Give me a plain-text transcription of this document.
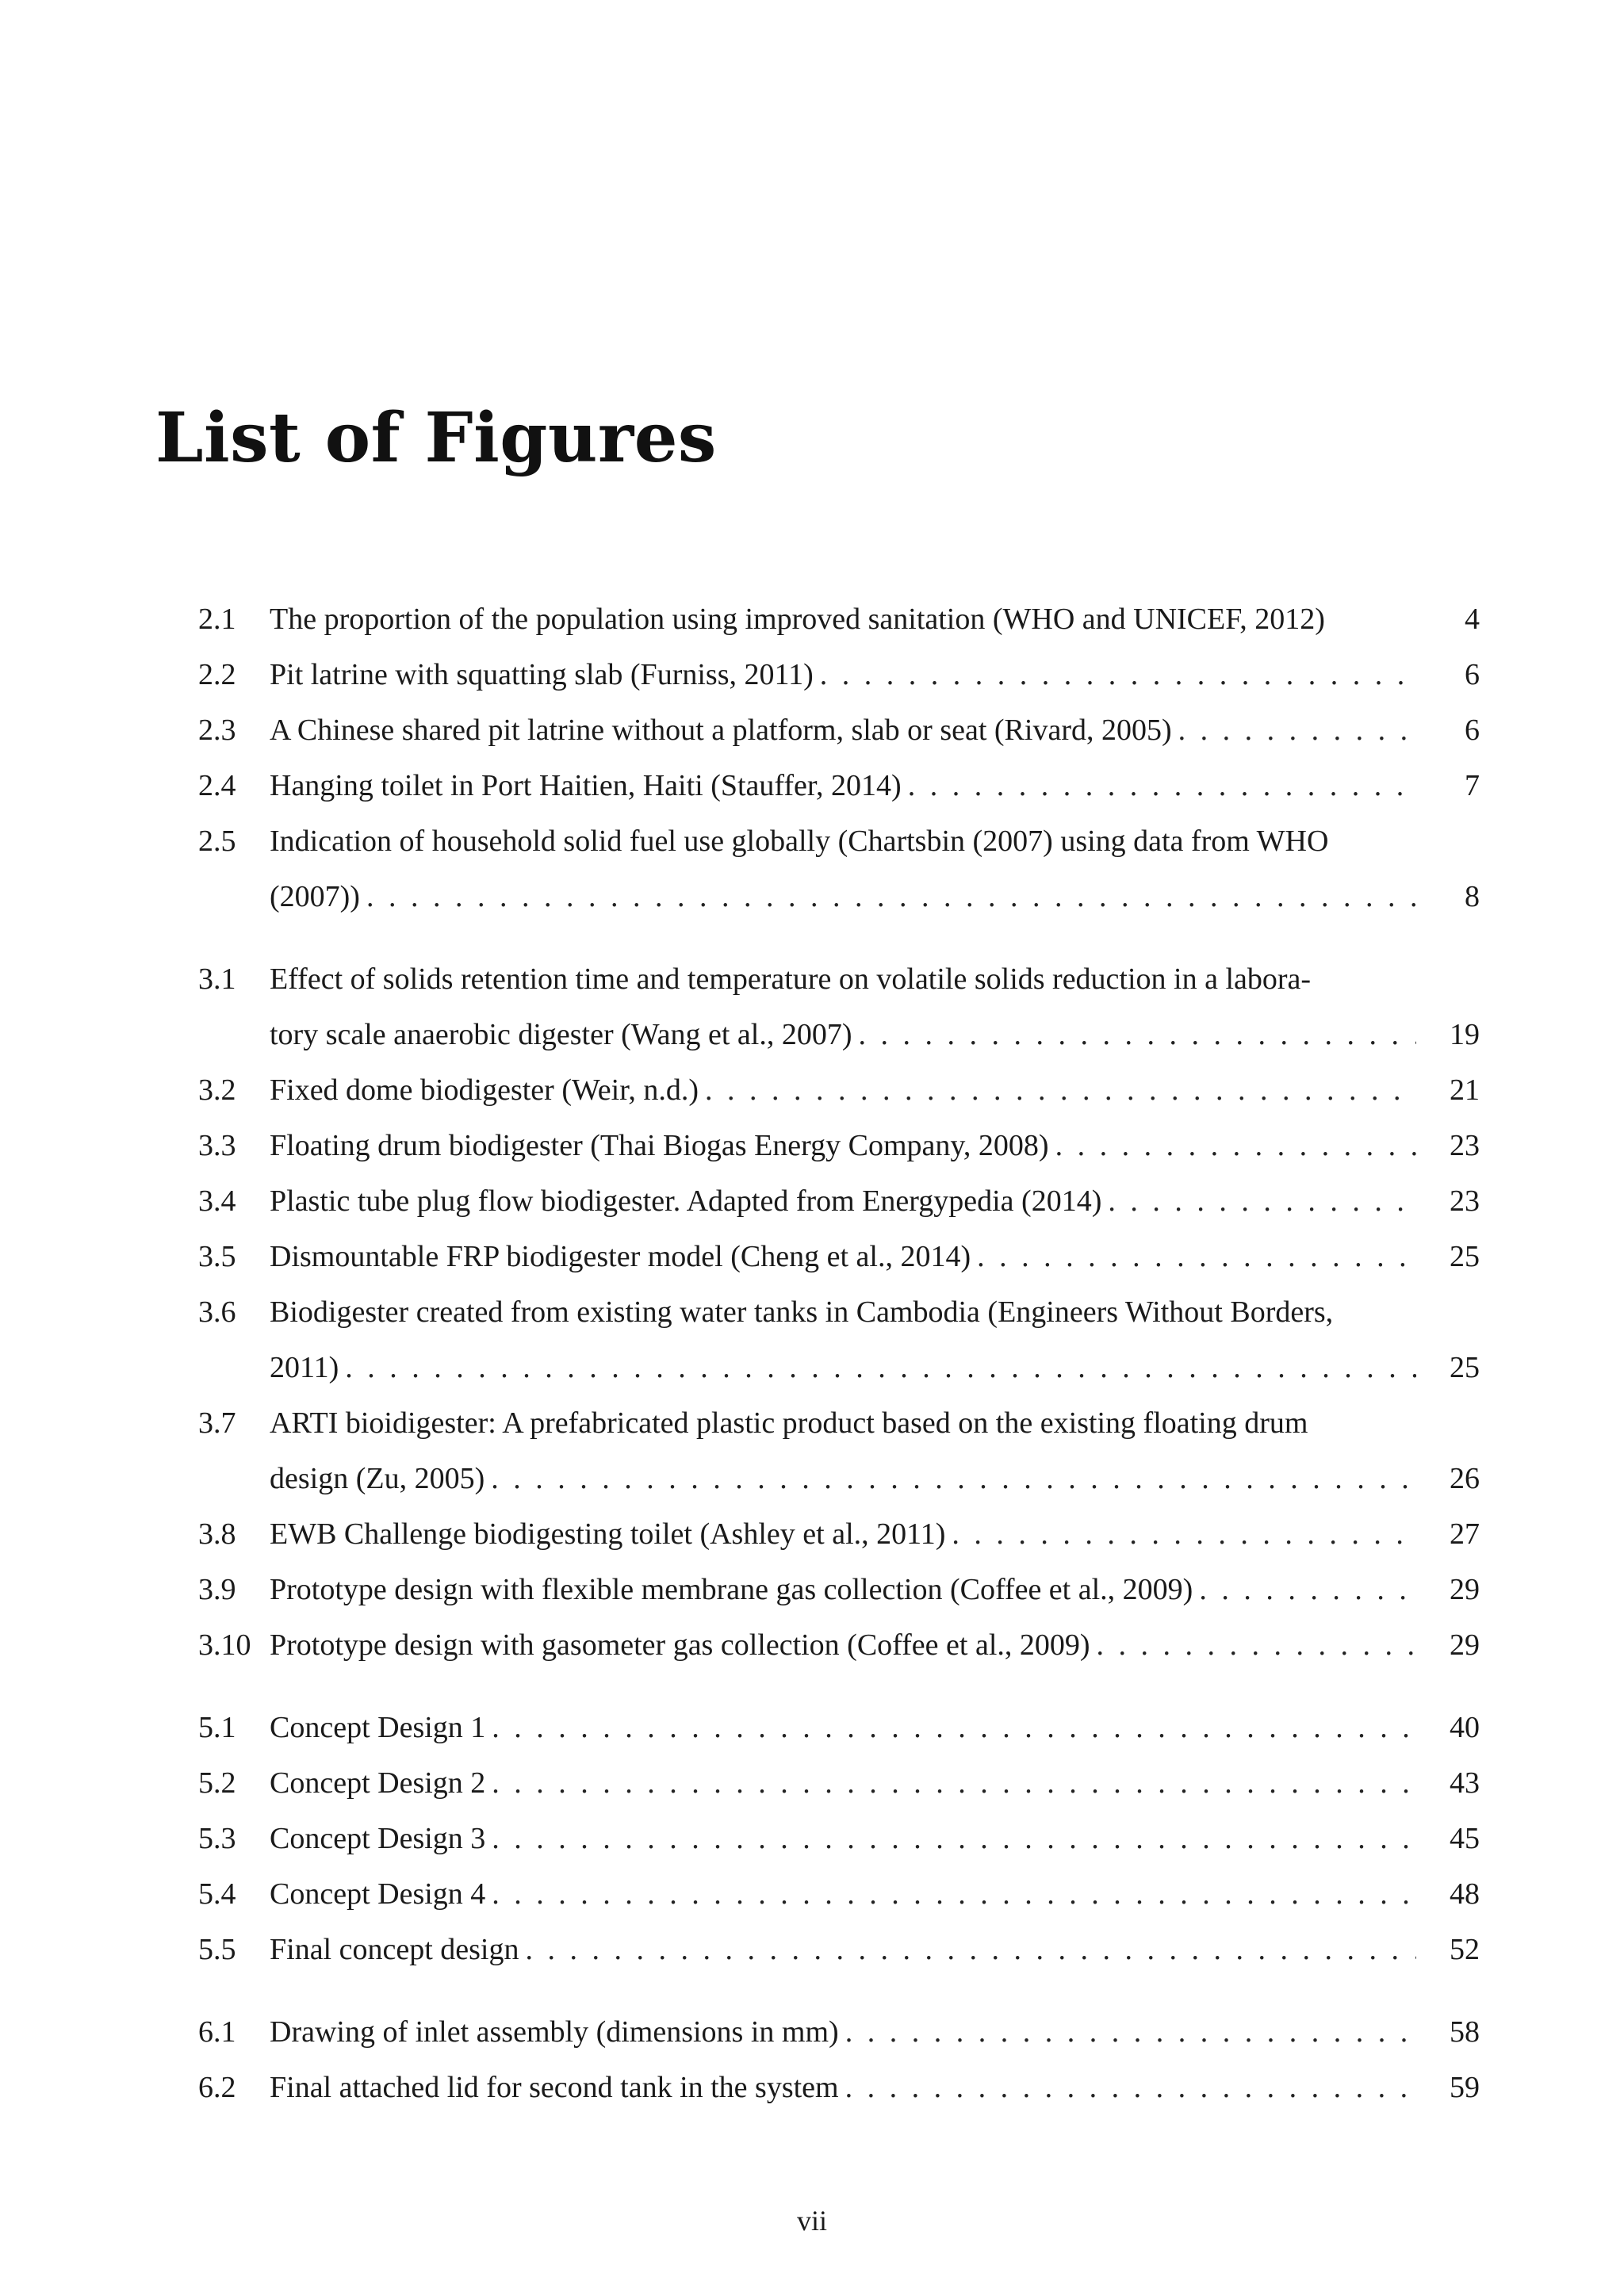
List of Figures
2.1	The proportion of the population using improved sanitation (WHO and UNICEF, 2012)	4
2.2	Pit latrine with squatting slab (Furniss, 2011) . . .	6
2.3	A Chinese shared pit latrine without a platform, slab or seat (Rivard, 2005) . . .	6
2.4	Hanging toilet in Port Haitien, Haiti (Stauffer, 2014) . . .	7
2.5	Indication of household solid fuel use globally (Chartsbin (2007) using data from WHO
(2007)) . . .	8
3.1	Effect of solids retention time and temperature on volatile solids reduction in a labora-
tory scale anaerobic digester (Wang et al., 2007) . . .	19
3.2	Fixed dome biodigester (Weir, n.d.) . . .	21
3.3	Floating drum biodigester (Thai Biogas Energy Company, 2008) . . .	23
3.4	Plastic tube plug flow biodigester. Adapted from Energypedia (2014) . . .	23
3.5	Dismountable FRP biodigester model (Cheng et al., 2014) . . .	25
3.6	Biodigester created from existing water tanks in Cambodia (Engineers Without Borders,
2011) . . .	25
3.7	ARTI bioidigester: A prefabricated plastic product based on the existing floating drum
design (Zu, 2005) . . .	26
3.8	EWB Challenge biodigesting toilet (Ashley et al., 2011) . . .	27
3.9	Prototype design with flexible membrane gas collection (Coffee et al., 2009) . . .	29
3.10 Prototype design with gasometer gas collection (Coffee et al., 2009) . . .	29
5.1	Concept Design 1 . . .	40
5.2	Concept Design 2 . . .	43
5.3	Concept Design 3 . . .	45
5.4	Concept Design 4 . . .	48
5.5	Final concept design . . .	52
6.1	Drawing of inlet assembly (dimensions in mm) . . .	58
6.2	Final attached lid for second tank in the system . . .	59
vii
